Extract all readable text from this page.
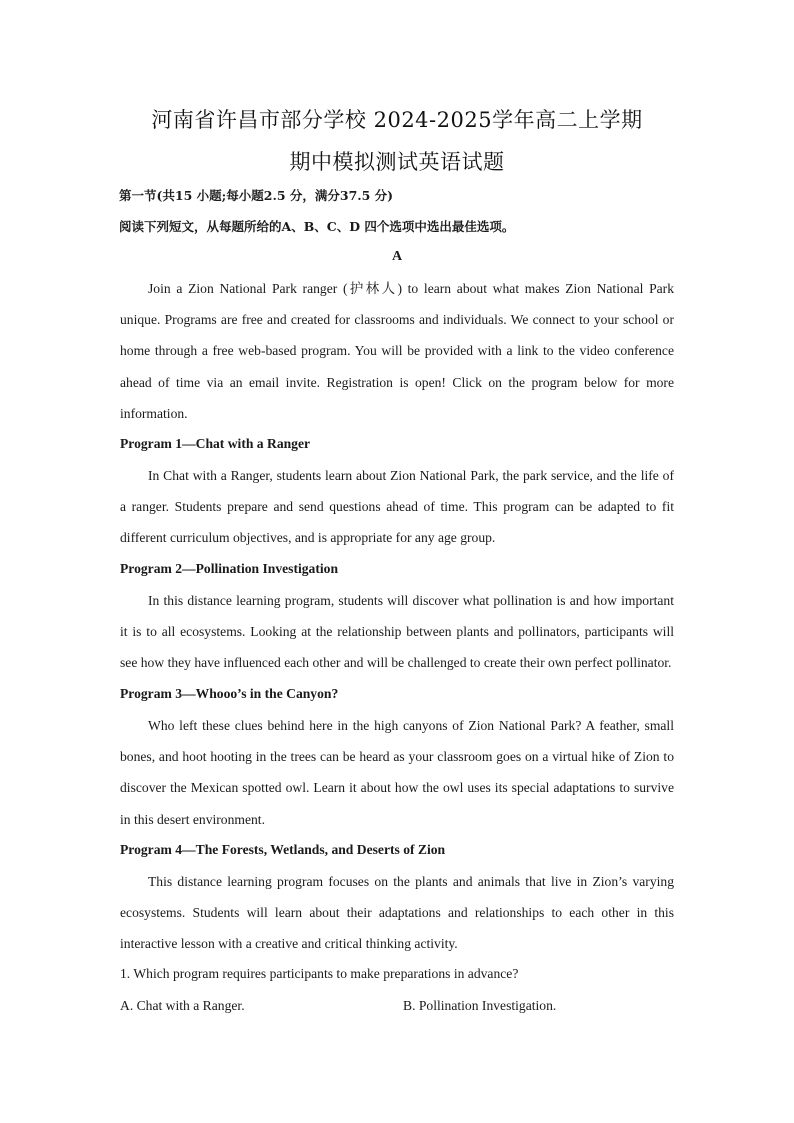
河南省许昌市部分学校 2024-2025学年高二上学期
期中模拟测试英语试题
第一节(共15 小题;每小题2.5 分，满分37.5 分)
阅读下列短文，从每题所给的A、B、C、D 四个选项中选出最佳选项。
A

Join a Zion National Park ranger (护林人) to learn about what makes Zion National Park unique. Programs are free and created for classrooms and individuals. We connect to your school or home through a free web-based program. You will be provided with a link to the video conference ahead of time via an email invite. Registration is open! Click on the program below for more information.

Program 1—Chat with a Ranger

In Chat with a Ranger, students learn about Zion National Park, the park service, and the life of a ranger. Students prepare and send questions ahead of time. This program can be adapted to fit different curriculum objectives, and is appropriate for any age group.

Program 2—Pollination Investigation

In this distance learning program, students will discover what pollination is and how important it is to all ecosystems. Looking at the relationship between plants and pollinators, participants will see how they have influenced each other and will be challenged to create their own perfect pollinator.

Program 3—Whooo’s in the Canyon?

Who left these clues behind here in the high canyons of Zion National Park? A feather, small bones, and hoot hooting in the trees can be heard as your classroom goes on a virtual hike of Zion to discover the Mexican spotted owl. Learn it about how the owl uses its special adaptations to survive in this desert environment.

Program 4—The Forests, Wetlands, and Deserts of Zion

This distance learning program focuses on the plants and animals that live in Zion’s varying ecosystems. Students will learn about their adaptations and relationships to each other in this interactive lesson with a creative and critical thinking activity.

1. Which program requires participants to make preparations in advance?
A. Chat with a Ranger.	B. Pollination Investigation.
